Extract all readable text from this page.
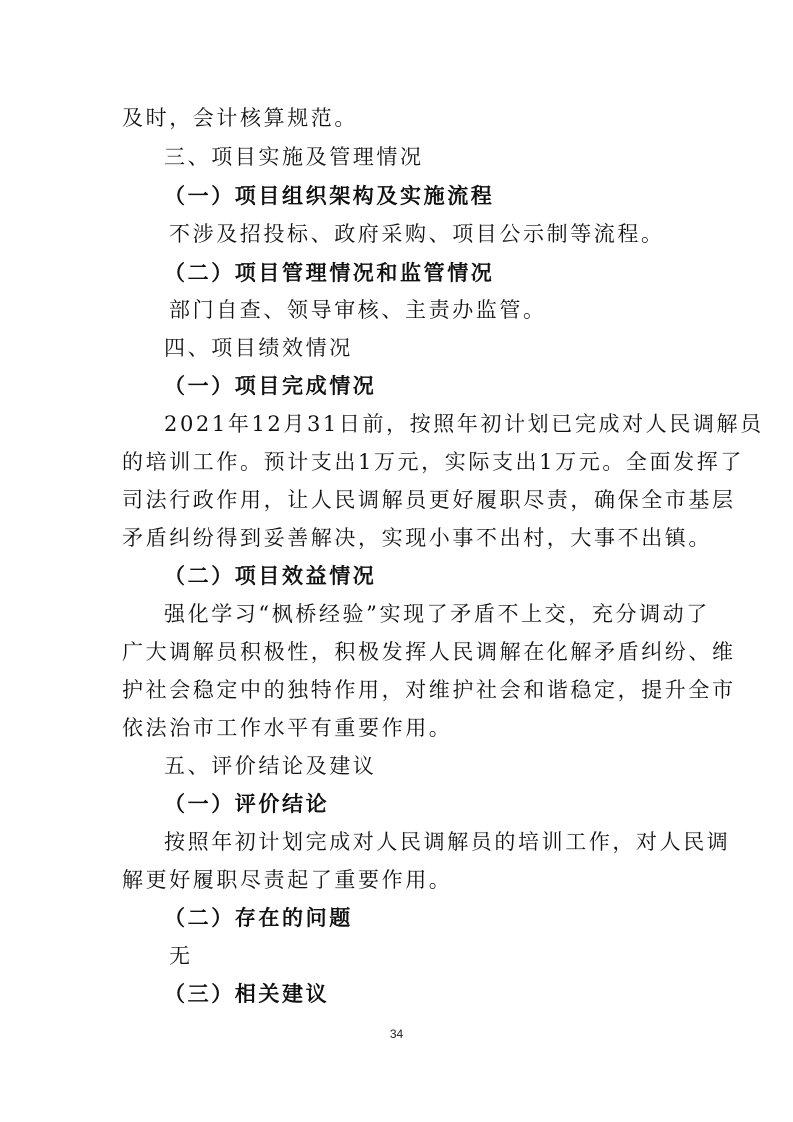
及时，会计核算规范。
三、项目实施及管理情况
（一）项目组织架构及实施流程
不涉及招投标、政府采购、项目公示制等流程。
（二）项目管理情况和监管情况
部门自查、领导审核、主责办监管。
四、项目绩效情况
（一）项目完成情况
2021年12月31日前，按照年初计划已完成对人民调解员
的培训工作。预计支出1万元，实际支出1万元。全面发挥了
司法行政作用，让人民调解员更好履职尽责，确保全市基层
矛盾纠纷得到妥善解决，实现小事不出村，大事不出镇。
（二）项目效益情况
强化学习“枫桥经验”实现了矛盾不上交，充分调动了
广大调解员积极性，积极发挥人民调解在化解矛盾纠纷、维
护社会稳定中的独特作用，对维护社会和谐稳定，提升全市
依法治市工作水平有重要作用。
五、评价结论及建议
（一）评价结论
按照年初计划完成对人民调解员的培训工作，对人民调
解更好履职尽责起了重要作用。
（二）存在的问题
无
（三）相关建议
34
